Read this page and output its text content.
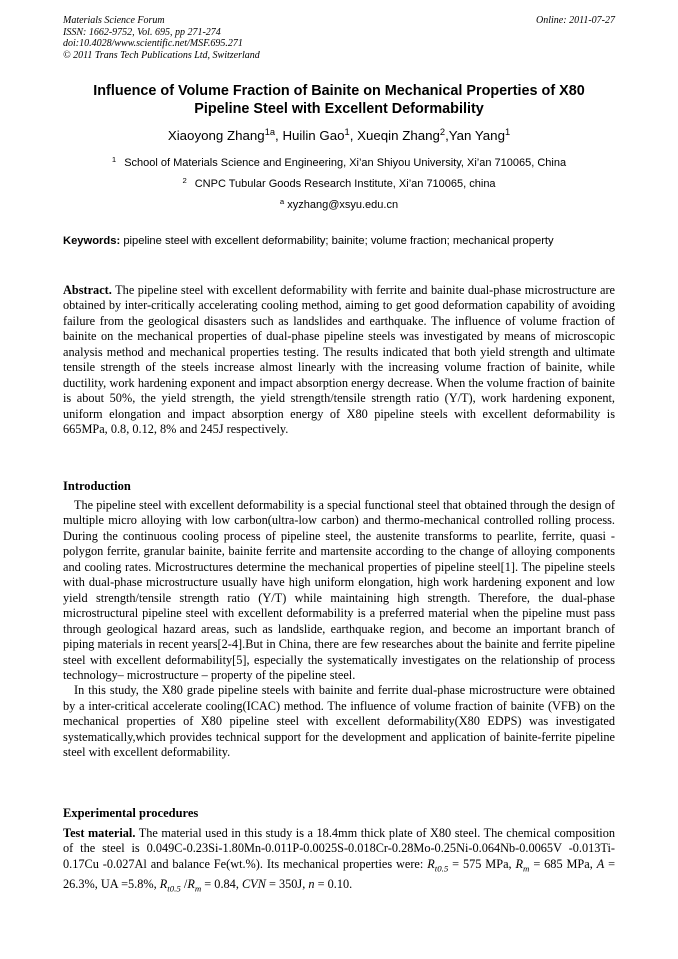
Materials Science Forum
ISSN: 1662-9752, Vol. 695, pp 271-274
doi:10.4028/www.scientific.net/MSF.695.271
© 2011 Trans Tech Publications Ltd, Switzerland
Online: 2011-07-27
Influence of Volume Fraction of Bainite on Mechanical Properties of X80
Pipeline Steel with Excellent Deformability
Xiaoyong Zhang$^{1a}$, Huilin Gao$^1$, Xueqin Zhang$^2$,Yan Yang$^1$
$^1$ School of Materials Science and Engineering, Xi’an Shiyou University, Xi’an 710065, China
$^2$ CNPC Tubular Goods Research Institute, Xi’an 710065, china
$^a$ xyzhang@xsyu.edu.cn
Keywords: pipeline steel with excellent deformability; bainite; volume fraction; mechanical property

Abstract. The pipeline steel with excellent deformability with ferrite and bainite dual-phase microstructure are obtained by inter-critically accelerating cooling method, aiming to get good deformation capability of avoiding failure from the geological disasters such as landslides and earthquake. The influence of volume fraction of bainite on the mechanical properties of dual-phase pipeline steels was investigated by means of microscopic analysis method and mechanical properties testing. The results indicated that both yield strength and ultimate tensile strength of the steels increase almost linearly with the increasing volume fraction of bainite, while ductility, work hardening exponent and impact absorption energy decrease. When the volume fraction of bainite is about 50%, the yield strength, the yield strength/tensile strength ratio (Y/T), work hardening exponent, uniform elongation and impact absorption energy of X80 pipeline steels with excellent deformability is 665MPa, 0.8, 0.12, 8% and 245J respectively.

Introduction

The pipeline steel with excellent deformability is a special functional steel that obtained through the design of multiple micro alloying with low carbon(ultra-low carbon) and thermo-mechanical controlled rolling process. During the continuous cooling process of pipeline steel, the austenite transforms to pearlite, ferrite, quasi -polygon ferrite, granular bainite, bainite ferrite and martensite according to the change of alloying components and cooling rates. Microstructures determine the mechanical properties of pipeline steel[1]. The pipeline steels with dual-phase microstructure usually have high uniform elongation, high work hardening exponent and low yield strength/tensile strength ratio (Y/T) while maintaining high strength. Therefore, the dual-phase microstructural pipeline steel with excellent deformability is a preferred material when the pipeline must pass through geological hazard areas, such as landslide, earthquake region, and become an important branch of piping materials in recent years[2-4].But in China, there are few researches about the bainite and ferrite pipeline steel with excellent deformability[5], especially the systematically investigates on the relationship of process technology– microstructure – property of the pipeline steel.

In this study, the X80 grade pipeline steels with bainite and ferrite dual-phase microstructure were obtained by a inter-critical accelerate cooling(ICAC) method. The influence of volume fraction of bainite (VFB) on the mechanical properties of X80 pipeline steel with excellent deformability(X80 EDPS) was investigated systematically,which provides technical support for the development and application of bainite-ferrite pipeline steel with excellent deformability.

Experimental procedures

Test material. The material used in this study is a 18.4mm thick plate of X80 steel. The chemical composition of the steel is 0.049C-0.23Si-1.80Mn-0.011P-0.0025S-0.018Cr-0.28Mo-0.25Ni-0.064Nb-0.0065V -0.013Ti-0.17Cu -0.027Al and balance Fe(wt.%). Its mechanical properties were: $R_{t0.5} = 575$ MPa, $R_m = 685$ MPa, A = 26.3%, UA =5.8%, $R_{t0.5}$ $/R_m = 0.84$, CVN = 350J, n = 0.10.
